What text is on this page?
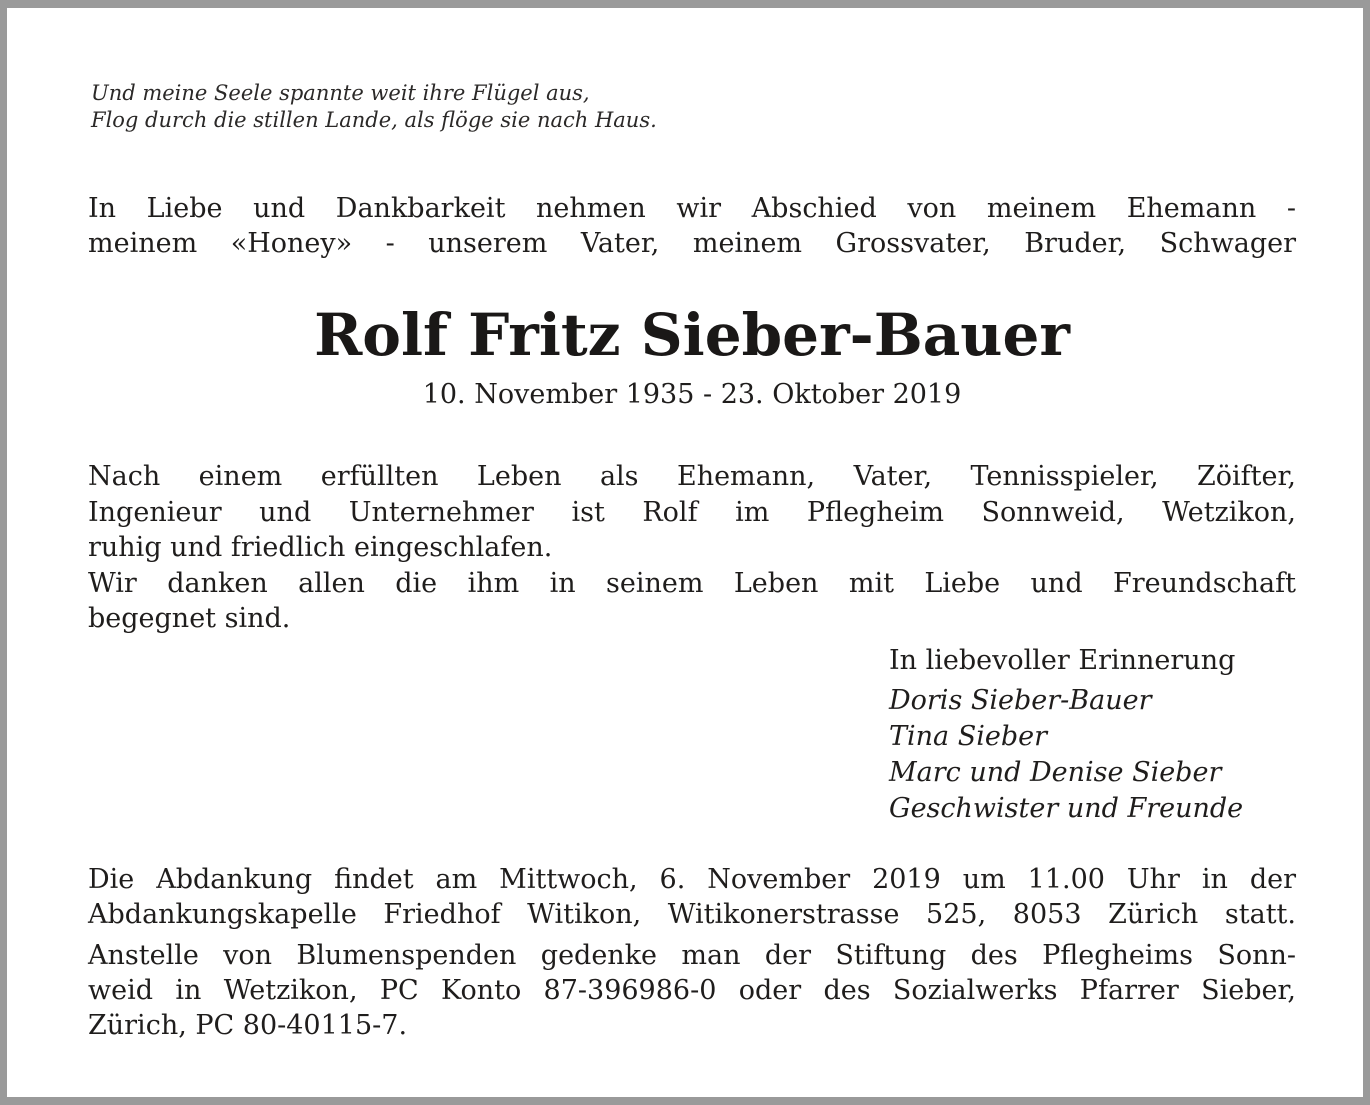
Und meine Seele spannte weit ihre Flügel aus,
Flog durch die stillen Lande, als flöge sie nach Haus.
In Liebe und Dankbarkeit nehmen wir Abschied von meinem Ehemann -
meinem «Honey» - unserem Vater, meinem Grossvater, Bruder, Schwager
Rolf Fritz Sieber-Bauer
10. November 1935 - 23. Oktober 2019
Nach einem erfüllten Leben als Ehemann, Vater, Tennisspieler, Zöifter,
Ingenieur und Unternehmer ist Rolf im Pflegheim Sonnweid, Wetzikon,
ruhig und friedlich eingeschlafen.
Wir danken allen die ihm in seinem Leben mit Liebe und Freundschaft
begegnet sind.
In liebevoller Erinnerung
Doris Sieber-Bauer
Tina Sieber
Marc und Denise Sieber
Geschwister und Freunde
Die Abdankung findet am Mittwoch, 6. November 2019 um 11.00 Uhr in der
Abdankungskapelle Friedhof Witikon, Witikonerstrasse 525, 8053 Zürich statt.
Anstelle von Blumenspenden gedenke man der Stiftung des Pflegheims Sonn-
weid in Wetzikon, PC Konto 87-396986-0 oder des Sozialwerks Pfarrer Sieber,
Zürich, PC 80-40115-7.
